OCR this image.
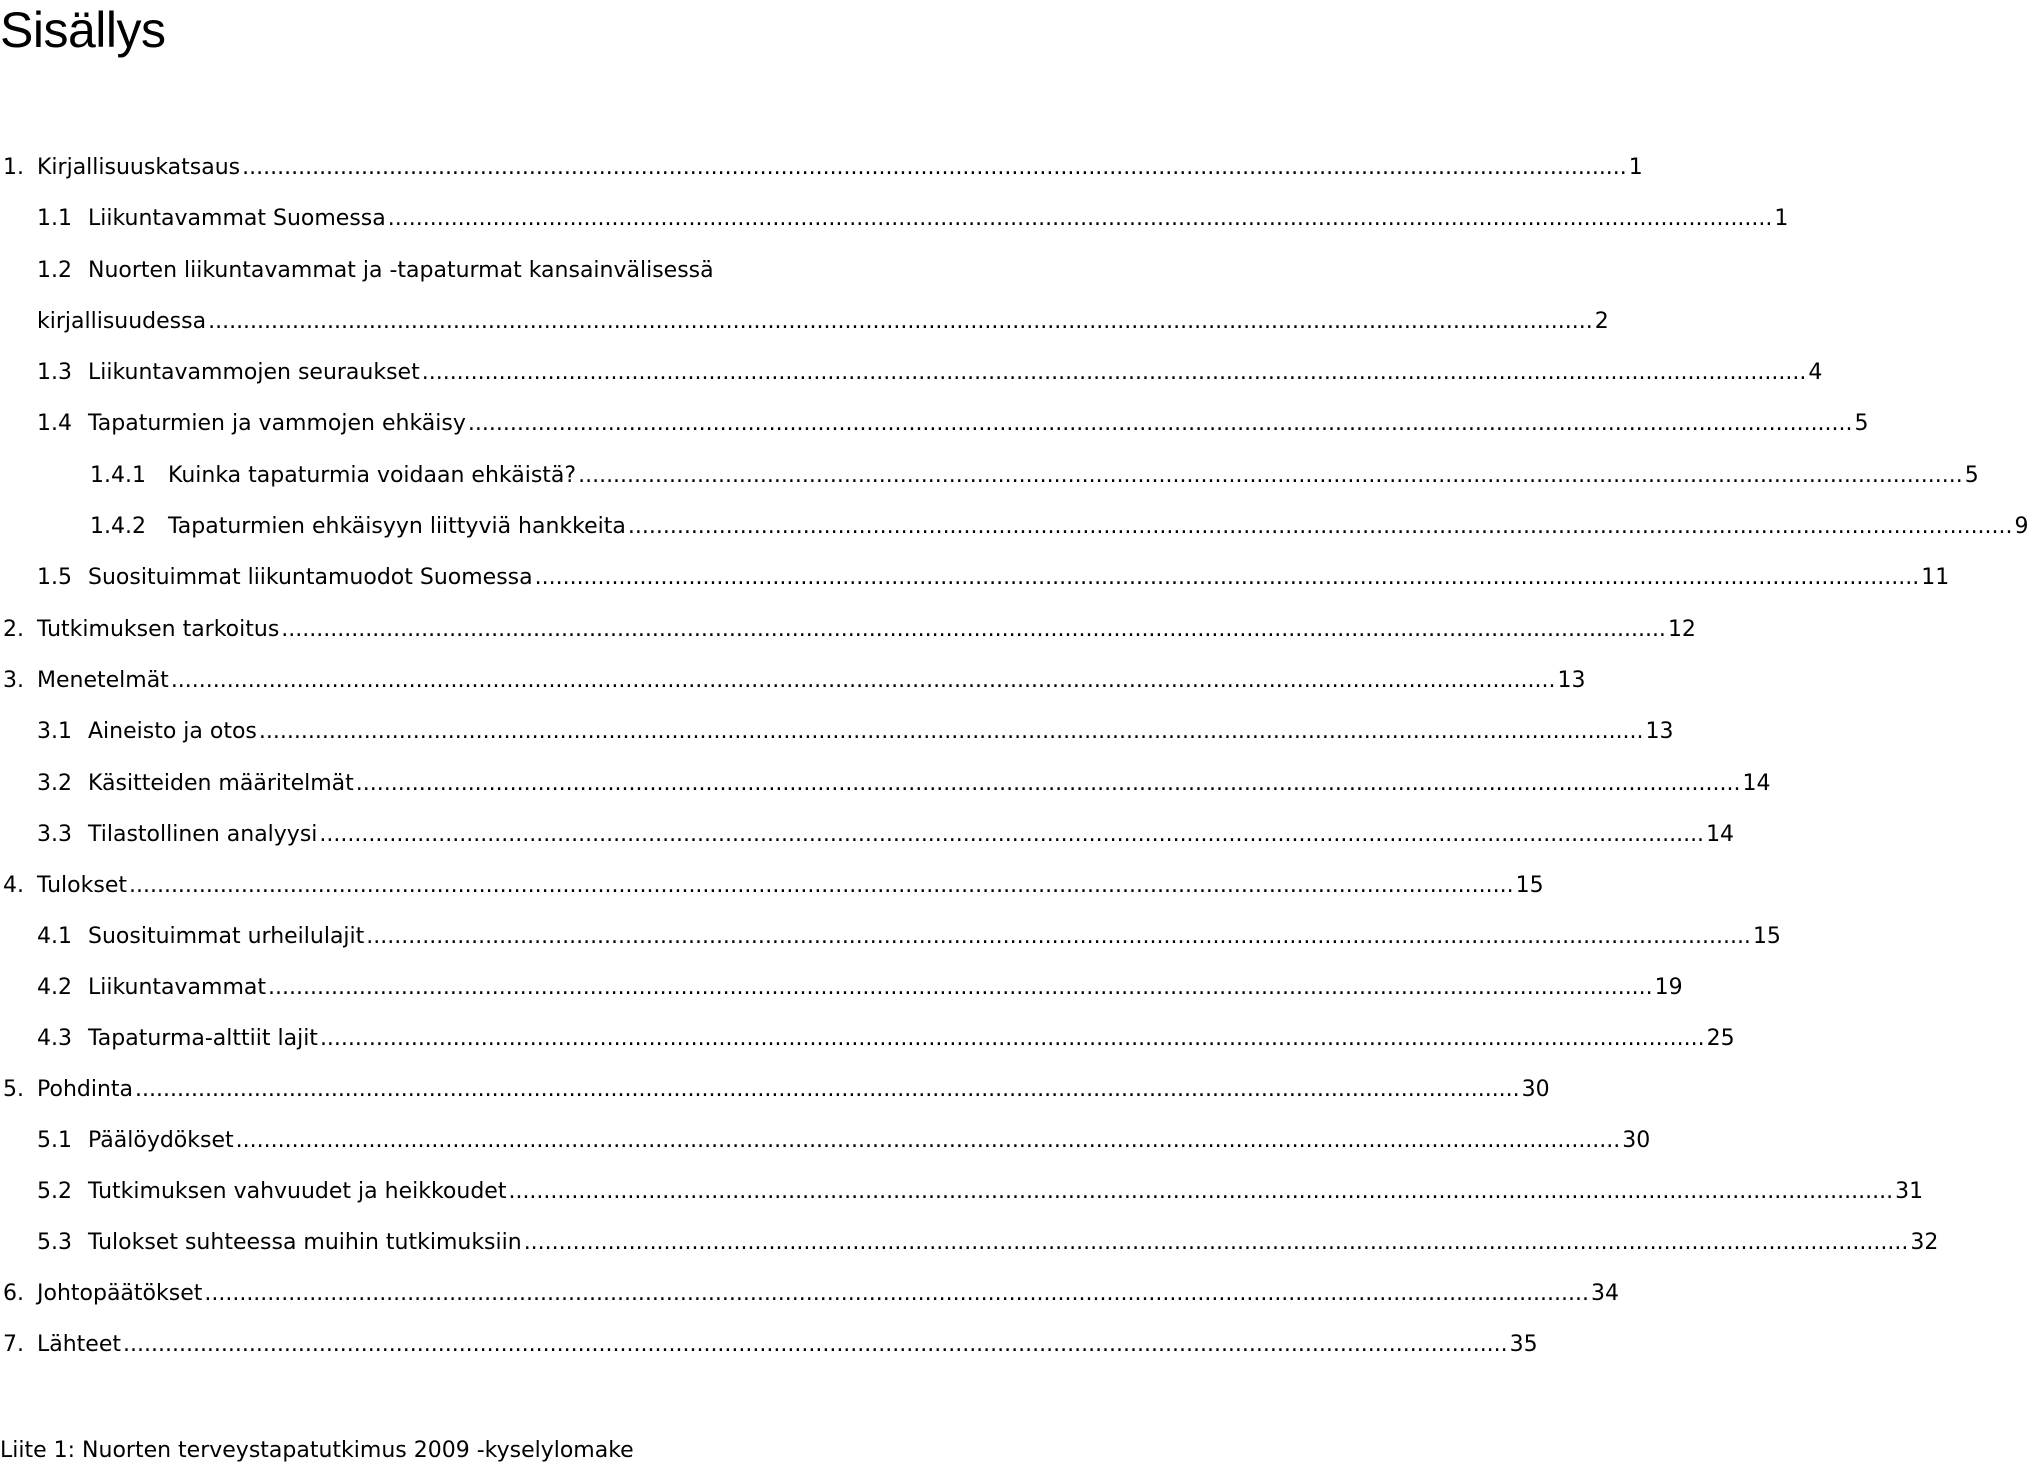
Sisällys
1. Kirjallisuuskatsaus ...................................................................................................................................................................................................... 1
1.1 Liikuntavammat Suomessa ...................................................................................................................................................................................................... 1
1.2 Nuorten liikuntavammat ja -tapaturmat kansainvälisessä
kirjallisuudessa ...................................................................................................................................................................................................... 2
1.3 Liikuntavammojen seuraukset ...................................................................................................................................................................................................... 4
1.4 Tapaturmien ja vammojen ehkäisy ...................................................................................................................................................................................................... 5
1.4.1 Kuinka tapaturmia voidaan ehkäistä? ...................................................................................................................................................................................................... 5
1.4.2 Tapaturmien ehkäisyyn liittyviä hankkeita ...................................................................................................................................................................................................... 9
1.5 Suosituimmat liikuntamuodot Suomessa ...................................................................................................................................................................................................... 11
2. Tutkimuksen tarkoitus ...................................................................................................................................................................................................... 12
3. Menetelmät ...................................................................................................................................................................................................... 13
3.1 Aineisto ja otos ...................................................................................................................................................................................................... 13
3.2 Käsitteiden määritelmät ...................................................................................................................................................................................................... 14
3.3 Tilastollinen analyysi ...................................................................................................................................................................................................... 14
4. Tulokset ...................................................................................................................................................................................................... 15
4.1 Suosituimmat urheilulajit ...................................................................................................................................................................................................... 15
4.2 Liikuntavammat ...................................................................................................................................................................................................... 19
4.3 Tapaturma-alttiit lajit ...................................................................................................................................................................................................... 25
5. Pohdinta ...................................................................................................................................................................................................... 30
5.1 Päälöydökset ...................................................................................................................................................................................................... 30
5.2 Tutkimuksen vahvuudet ja heikkoudet ...................................................................................................................................................................................................... 31
5.3 Tulokset suhteessa muihin tutkimuksiin ...................................................................................................................................................................................................... 32
6. Johtopäätökset ...................................................................................................................................................................................................... 34
7. Lähteet ...................................................................................................................................................................................................... 35
Liite 1: Nuorten terveystapatutkimus 2009 -kyselylomake
